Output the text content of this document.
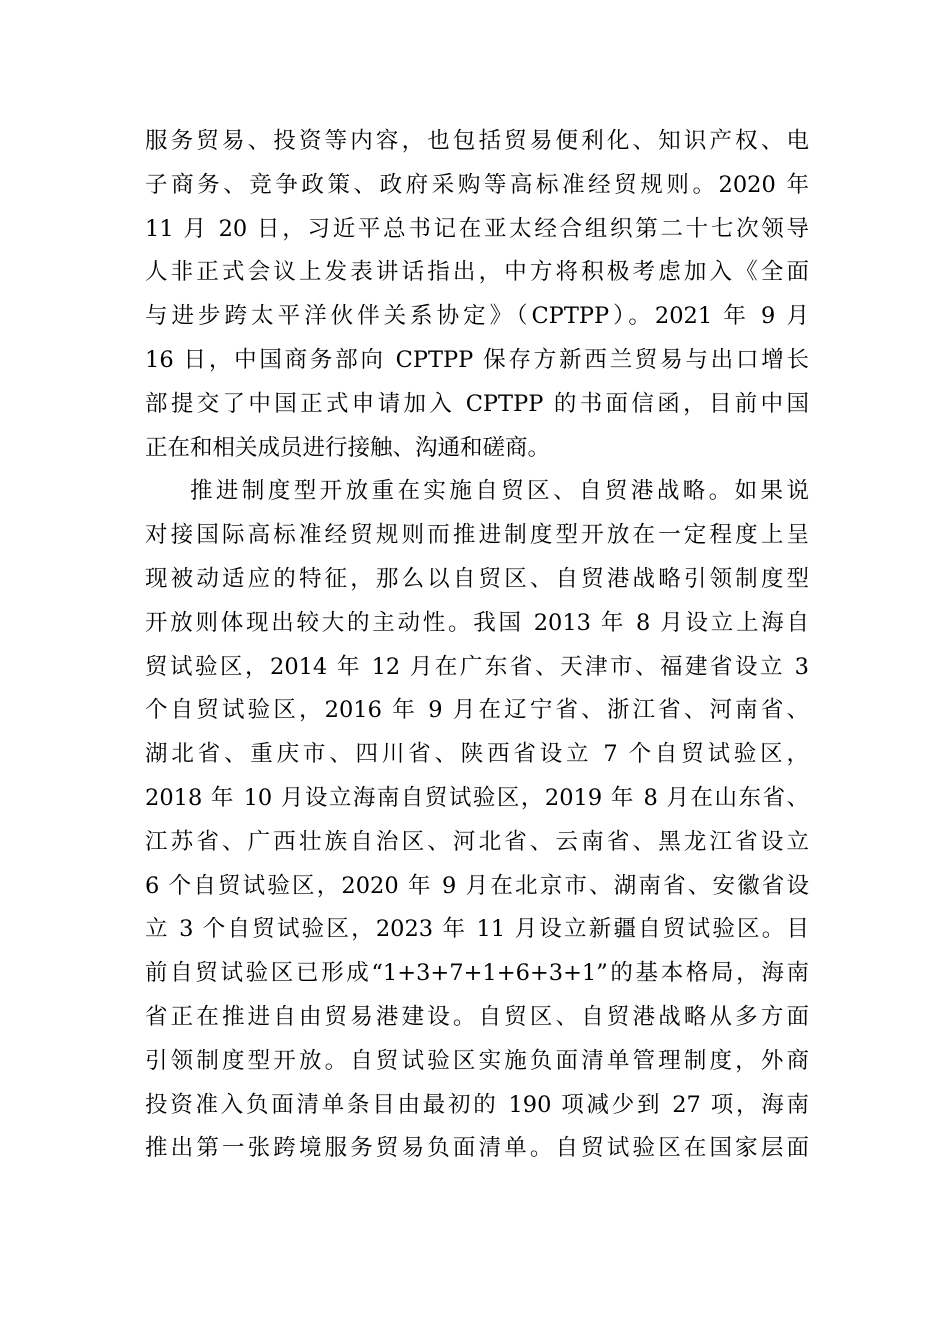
服务贸易、投资等内容，也包括贸易便利化、知识产权、电
子商务、竞争政策、政府采购等高标准经贸规则。2020 年
11 月 20 日，习近平总书记在亚太经合组织第二十七次领导
人非正式会议上发表讲话指出，中方将积极考虑加入《全面
与进步跨太平洋伙伴关系协定》（CPTPP）。2021 年 9 月
16 日，中国商务部向 CPTPP 保存方新西兰贸易与出口增长
部提交了中国正式申请加入 CPTPP 的书面信函，目前中国
正在和相关成员进行接触、沟通和磋商。
推进制度型开放重在实施自贸区、自贸港战略。如果说
对接国际高标准经贸规则而推进制度型开放在一定程度上呈
现被动适应的特征，那么以自贸区、自贸港战略引领制度型
开放则体现出较大的主动性。我国 2013 年 8 月设立上海自
贸试验区，2014 年 12 月在广东省、天津市、福建省设立 3
个自贸试验区，2016 年 9 月在辽宁省、浙江省、河南省、
湖北省、重庆市、四川省、陕西省设立 7 个自贸试验区，
2018 年 10 月设立海南自贸试验区，2019 年 8 月在山东省、
江苏省、广西壮族自治区、河北省、云南省、黑龙江省设立
6 个自贸试验区，2020 年 9 月在北京市、湖南省、安徽省设
立 3 个自贸试验区，2023 年 11 月设立新疆自贸试验区。目
前自贸试验区已形成“1+3+7+1+6+3+1”的基本格局，海南
省正在推进自由贸易港建设。自贸区、自贸港战略从多方面
引领制度型开放。自贸试验区实施负面清单管理制度，外商
投资准入负面清单条目由最初的 190 项减少到 27 项，海南
推出第一张跨境服务贸易负面清单。自贸试验区在国家层面
